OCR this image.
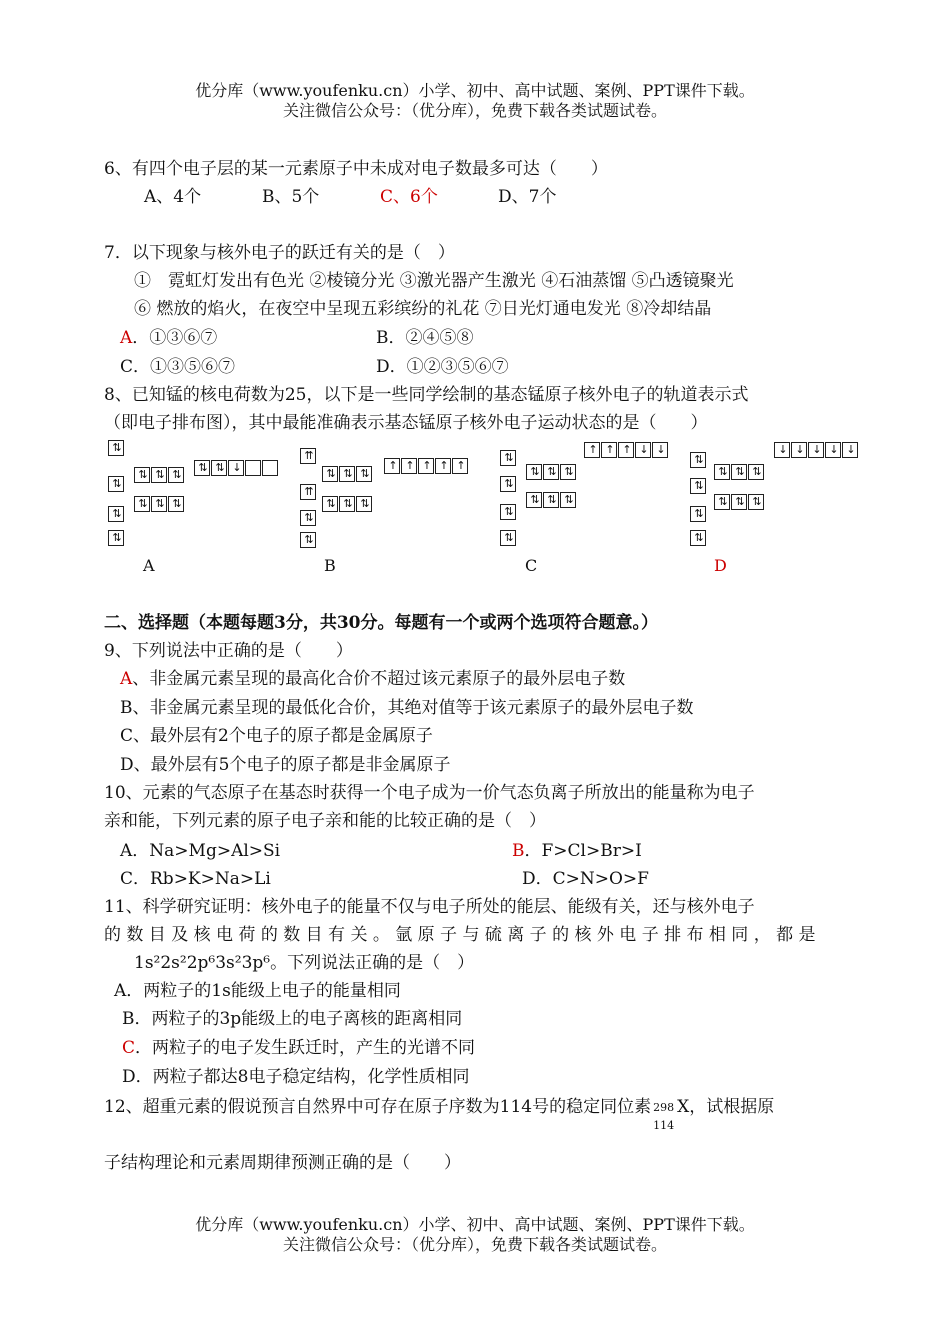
优分库（www.youfenku.cn）小学、初中、高中试题、案例、PPT课件下载。
关注微信公众号：（优分库），免费下载各类试题试卷。
6、有四个电子层的某一元素原子中未成对电子数最多可达（　　）
A、4个	B、5个	C、6个	D、7个
7．以下现象与核外电子的跃迁有关的是（　）
①　霓虹灯发出有色光 ②棱镜分光 ③激光器产生激光 ④石油蒸馏 ⑤凸透镜聚光
⑥ 燃放的焰火，在夜空中呈现五彩缤纷的礼花 ⑦日光灯通电发光 ⑧冷却结晶
A．①③⑥⑦	B．②④⑤⑧
C．①③⑤⑥⑦	D．①②③⑤⑥⑦
8、已知锰的核电荷数为25，以下是一些同学绘制的基态锰原子核外电子的轨道表示式
（即电子排布图），其中最能准确表示基态锰原子核外电子运动状态的是（　　）
⇅
⇅
⇅ ⇅ ⇅
⇅
⇅ ⇅ ⇅
⇅
⇅ ⇅ ↓
⇈
⇈
⇅ ⇅ ⇅
⇅
⇅ ⇅ ⇅
⇅
↑ ↑ ↑ ↑ ↑
⇅
⇅
⇅ ⇅ ⇅
⇅
⇅ ⇅ ⇅
⇅
↑ ↑ ↑ ↓ ↓
⇅
⇅
⇅ ⇅ ⇅
⇅
⇅ ⇅ ⇅
⇅
↓ ↓ ↓ ↓ ↓
A	B	C	D
二、选择题（本题每题3分，共30分。每题有一个或两个选项符合题意。）
9、下列说法中正确的是（　　）
A、非金属元素呈现的最高化合价不超过该元素原子的最外层电子数
B、非金属元素呈现的最低化合价，其绝对值等于该元素原子的最外层电子数
C、最外层有2个电子的原子都是金属原子
D、最外层有5个电子的原子都是非金属原子
10、元素的气态原子在基态时获得一个电子成为一价气态负离子所放出的能量称为电子
亲和能，下列元素的原子电子亲和能的比较正确的是（　）
A．Na>Mg>Al>Si	B．F>Cl>Br>I
C．Rb>K>Na>Li	D．C>N>O>F
11、科学研究证明：核外电子的能量不仅与电子所处的能层、能级有关，还与核外电子
的 数 目 及 核 电 荷 的 数 目 有 关 。 氩 原 子 与 硫 离 子 的 核 外 电 子 排 布 相 同 ， 都 是
1s²2s²2p⁶3s²3p⁶。下列说法正确的是（　）
A．两粒子的1s能级上电子的能量相同
B．两粒子的3p能级上的电子离核的距离相同
C．两粒子的电子发生跃迁时，产生的光谱不同
D．两粒子都达8电子稳定结构，化学性质相同
12、超重元素的假说预言自然界中可存在原子序数为114号的稳定同位素 298
114
X，试根据原
子结构理论和元素周期律预测正确的是（　　）
优分库（www.youfenku.cn）小学、初中、高中试题、案例、PPT课件下载。
关注微信公众号：（优分库），免费下载各类试题试卷。
